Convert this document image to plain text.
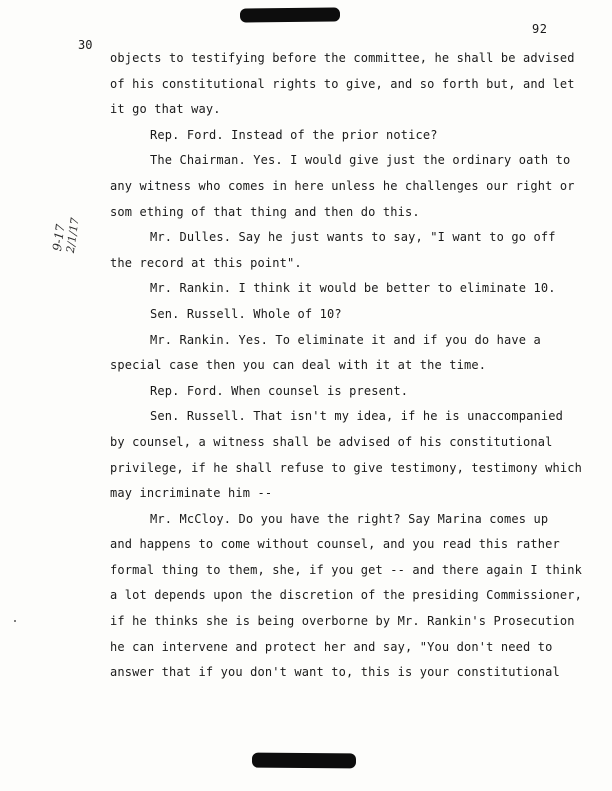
92
30
9-17
2/1/17
objects to testifying before the committee, he shall be advised
of his constitutional rights to give, and so forth but, and let
it go that way.
Rep. Ford. Instead of the prior notice?
The Chairman. Yes. I would give just the ordinary oath to
any witness who comes in here unless he challenges our right or
som ething of that thing and then do this.
Mr. Dulles. Say he just wants to say, "I want to go off
the record at this point".
Mr. Rankin. I think it would be better to eliminate 10.
Sen. Russell. Whole of 10?
Mr. Rankin. Yes. To eliminate it and if you do have a
special case then you can deal with it at the time.
Rep. Ford. When counsel is present.
Sen. Russell. That isn't my idea, if he is unaccompanied
by counsel, a witness shall be advised of his constitutional
privilege, if he shall refuse to give testimony, testimony which
may incriminate him --
Mr. McCloy. Do you have the right? Say Marina comes up
and happens to come without counsel, and you read this rather
formal thing to them, she, if you get -- and there again I think
a lot depends upon the discretion of the presiding Commissioner,
if he thinks she is being overborne by Mr. Rankin's Prosecution
he can intervene and protect her and say, "You don't need to
answer that if you don't want to, this is your constitutional
